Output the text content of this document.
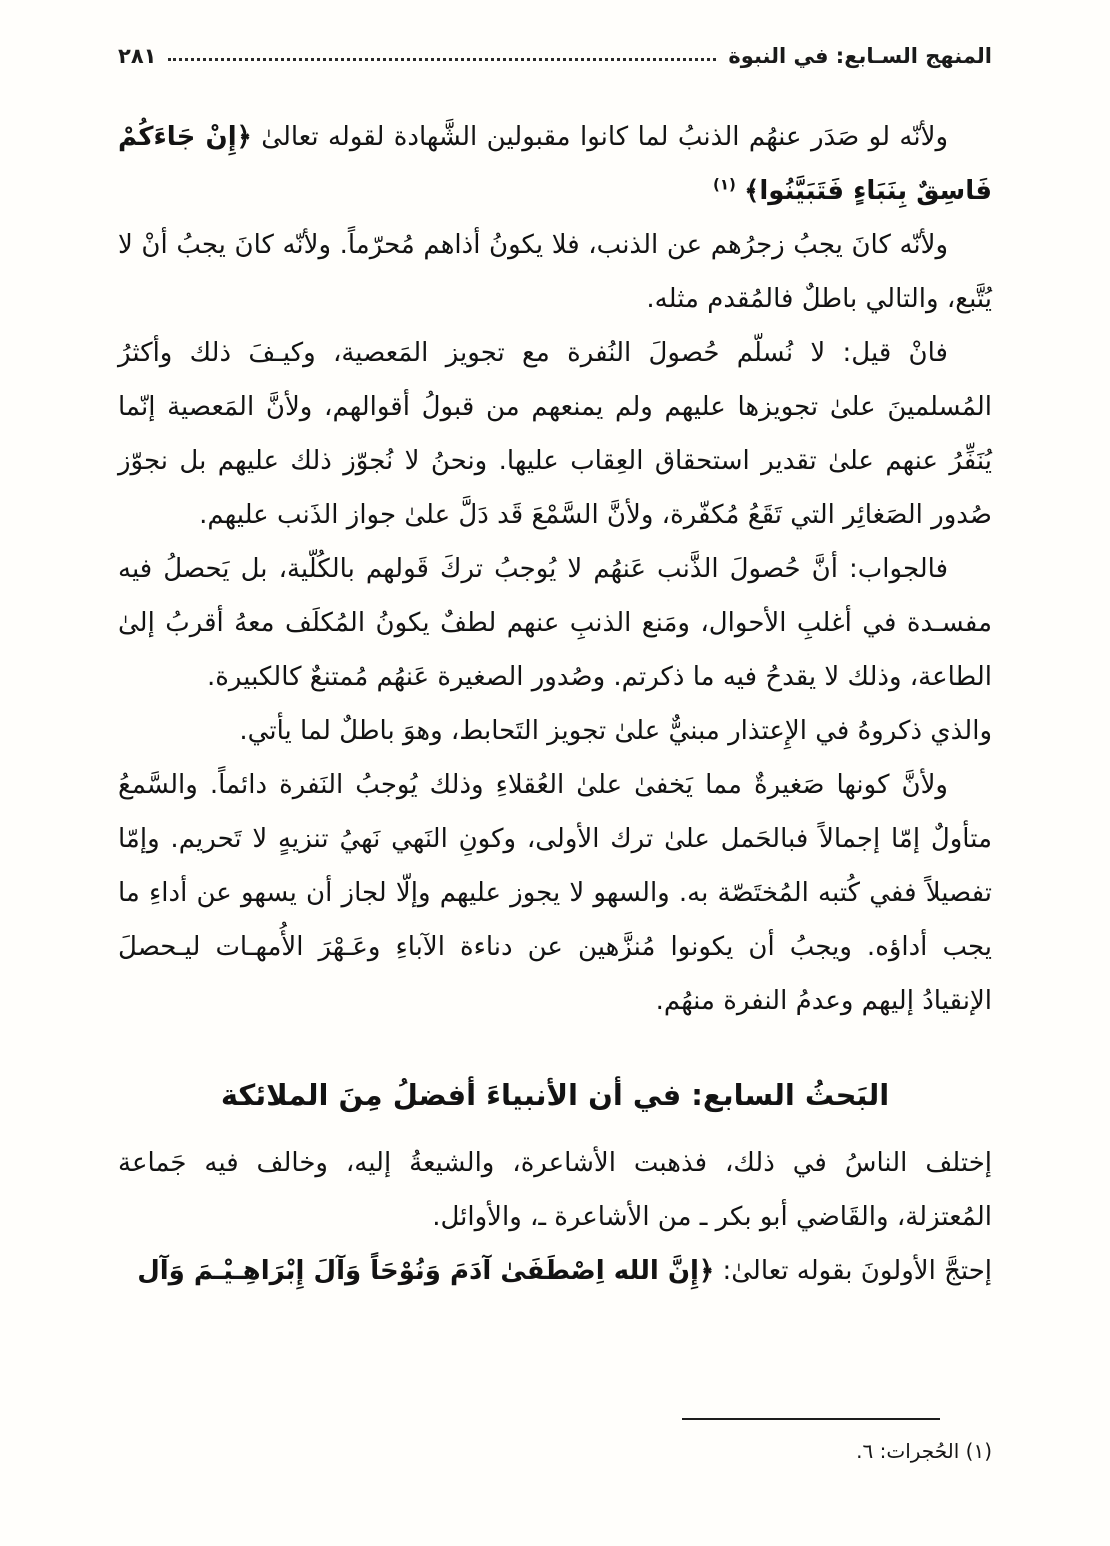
المنهج السـابع: في النبوة
٢٨١

ولأنّه لو صَدَر عنهُم الذنبُ لما كانوا مقبولين الشَّهادة لقوله تعالىٰ ﴿إِنْ جَاءَكُمْ فَاسِقٌ بِنَبَاءٍ فَتَبَيَّنُوا﴾ $^{(١)}$

ولأنّه كانَ يجبُ زجرُهم عن الذنب، فلا يكونُ أذاهم مُحرّماً. ولأنّه كانَ يجبُ أنْ لا يُتَّبع، والتالي باطلٌ فالمُقدم مثله.

فانْ قيل: لا نُسلّم حُصولَ النُفرة مع تجويز المَعصية، وكيـفَ ذلك وأكثرُ المُسلمينَ علىٰ تجويزها عليهم ولم يمنعهم من قبولُ أقوالهم، ولأنَّ المَعصية إنّما يُنَفِّرُ عنهم علىٰ تقدير استحقاق العِقاب عليها. ونحنُ لا نُجوّز ذلك عليهم بل نجوّز صُدور الصَغائِر التي تَقَعُ مُكفّرة، ولأنَّ السَّمْعَ قَد دَلَّ علىٰ جواز الذَنب عليهم.

فالجواب: أنَّ حُصولَ الذَّنب عَنهُم لا يُوجبُ تركَ قَولهم بالكُلّية، بل يَحصلُ فيه مفسـدة في أغلبِ الأحوال، ومَنع الذنبِ عنهم لطفٌ يكونُ المُكلَف معهُ أقربُ إلىٰ الطاعة، وذلك لا يقدحُ فيه ما ذكرتم. وصُدور الصغيرة عَنهُم مُمتنعٌ كالكبيرة.

والذي ذكروهُ في الإِعتذار مبنيٌّ علىٰ تجويز التَحابط، وهوَ باطلٌ لما يأتي.

ولأنَّ كونها صَغيرةٌ مما يَخفىٰ علىٰ العُقلاءِ وذلك يُوجبُ النَفرة دائماً. والسَّمعُ متأولٌ إمّا إجمالاً فبالحَمل علىٰ ترك الأولى، وكونِ النَهي نَهيُ تنزيهٍ لا تَحريم. وإمّا تفصيلاً ففي كُتبه المُختَصّة به. والسهو لا يجوز عليهم وإلّا لجاز أن يسهو عن أداءِ ما يجب أداؤه. ويجبُ أن يكونوا مُنزَّهين عن دناءة الآباءِ وعَـهْرَ الأُمهـات ليـحصلَ الإنقيادُ إليهم وعدمُ النفرة منهُم.

البَحثُ السابع: في أن الأنبياءَ أفضلُ مِنَ الملائكة

إختلف الناسُ في ذلك، فذهبت الأشاعرة، والشيعةُ إليه، وخالف فيه جَماعة المُعتزلة، والقَاضي أبو بكر ـ من الأشاعرة ـ، والأوائل.

إحتجَّ الأولونَ بقوله تعالىٰ: ﴿إِنَّ الله اِصْطَفَىٰ آدَمَ وَنُوْحَاً وَآلَ إِبْرَاهِـيْـمَ وَآل

(١) الحُجرات: ٦.
